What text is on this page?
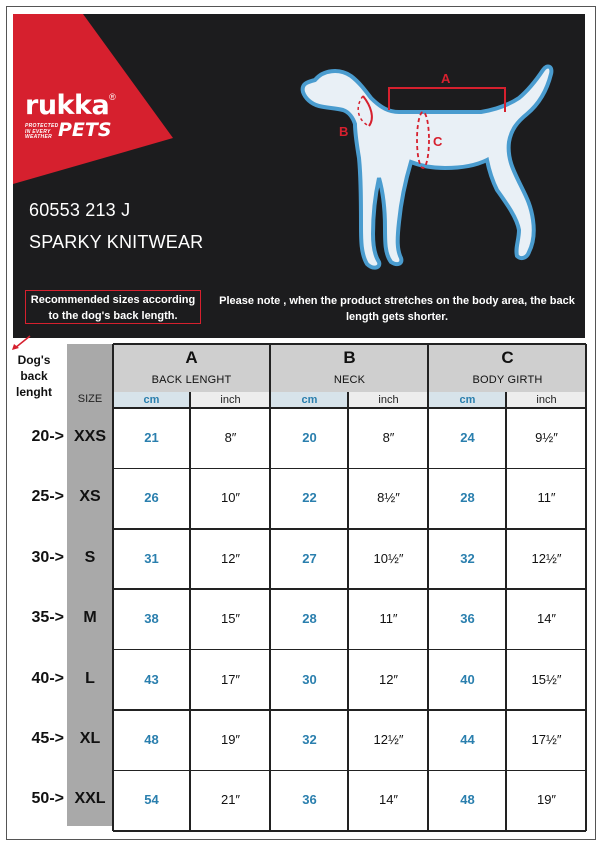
rukka®
PROTECTED IN EVERY WEATHER PETS
60553 213 J
SPARKY KNITWEAR
A
B
C
Recommended sizes according to the dog's back length.
Please note , when the product stretches on the body area, the back length gets shorter.
Dog's back lenght	SIZE
A
BACK LENGHT
B
NECK
C
BODY GIRTH
cm	inch	cm	inch	cm	inch
20-> XXS	21	8″	20	8″	24	9½″
25-> XS	26	10″	22	8½″	28	11″
30->	S	31	12″	27	10½″	32	12½″
35->	M	38	15″	28	11″	36	14″
40->	L	43	17″	30	12″	40	15½″
45-> XL	48	19″	32	12½″	44	17½″
50-> XXL	54	21″	36	14″	48	19″
